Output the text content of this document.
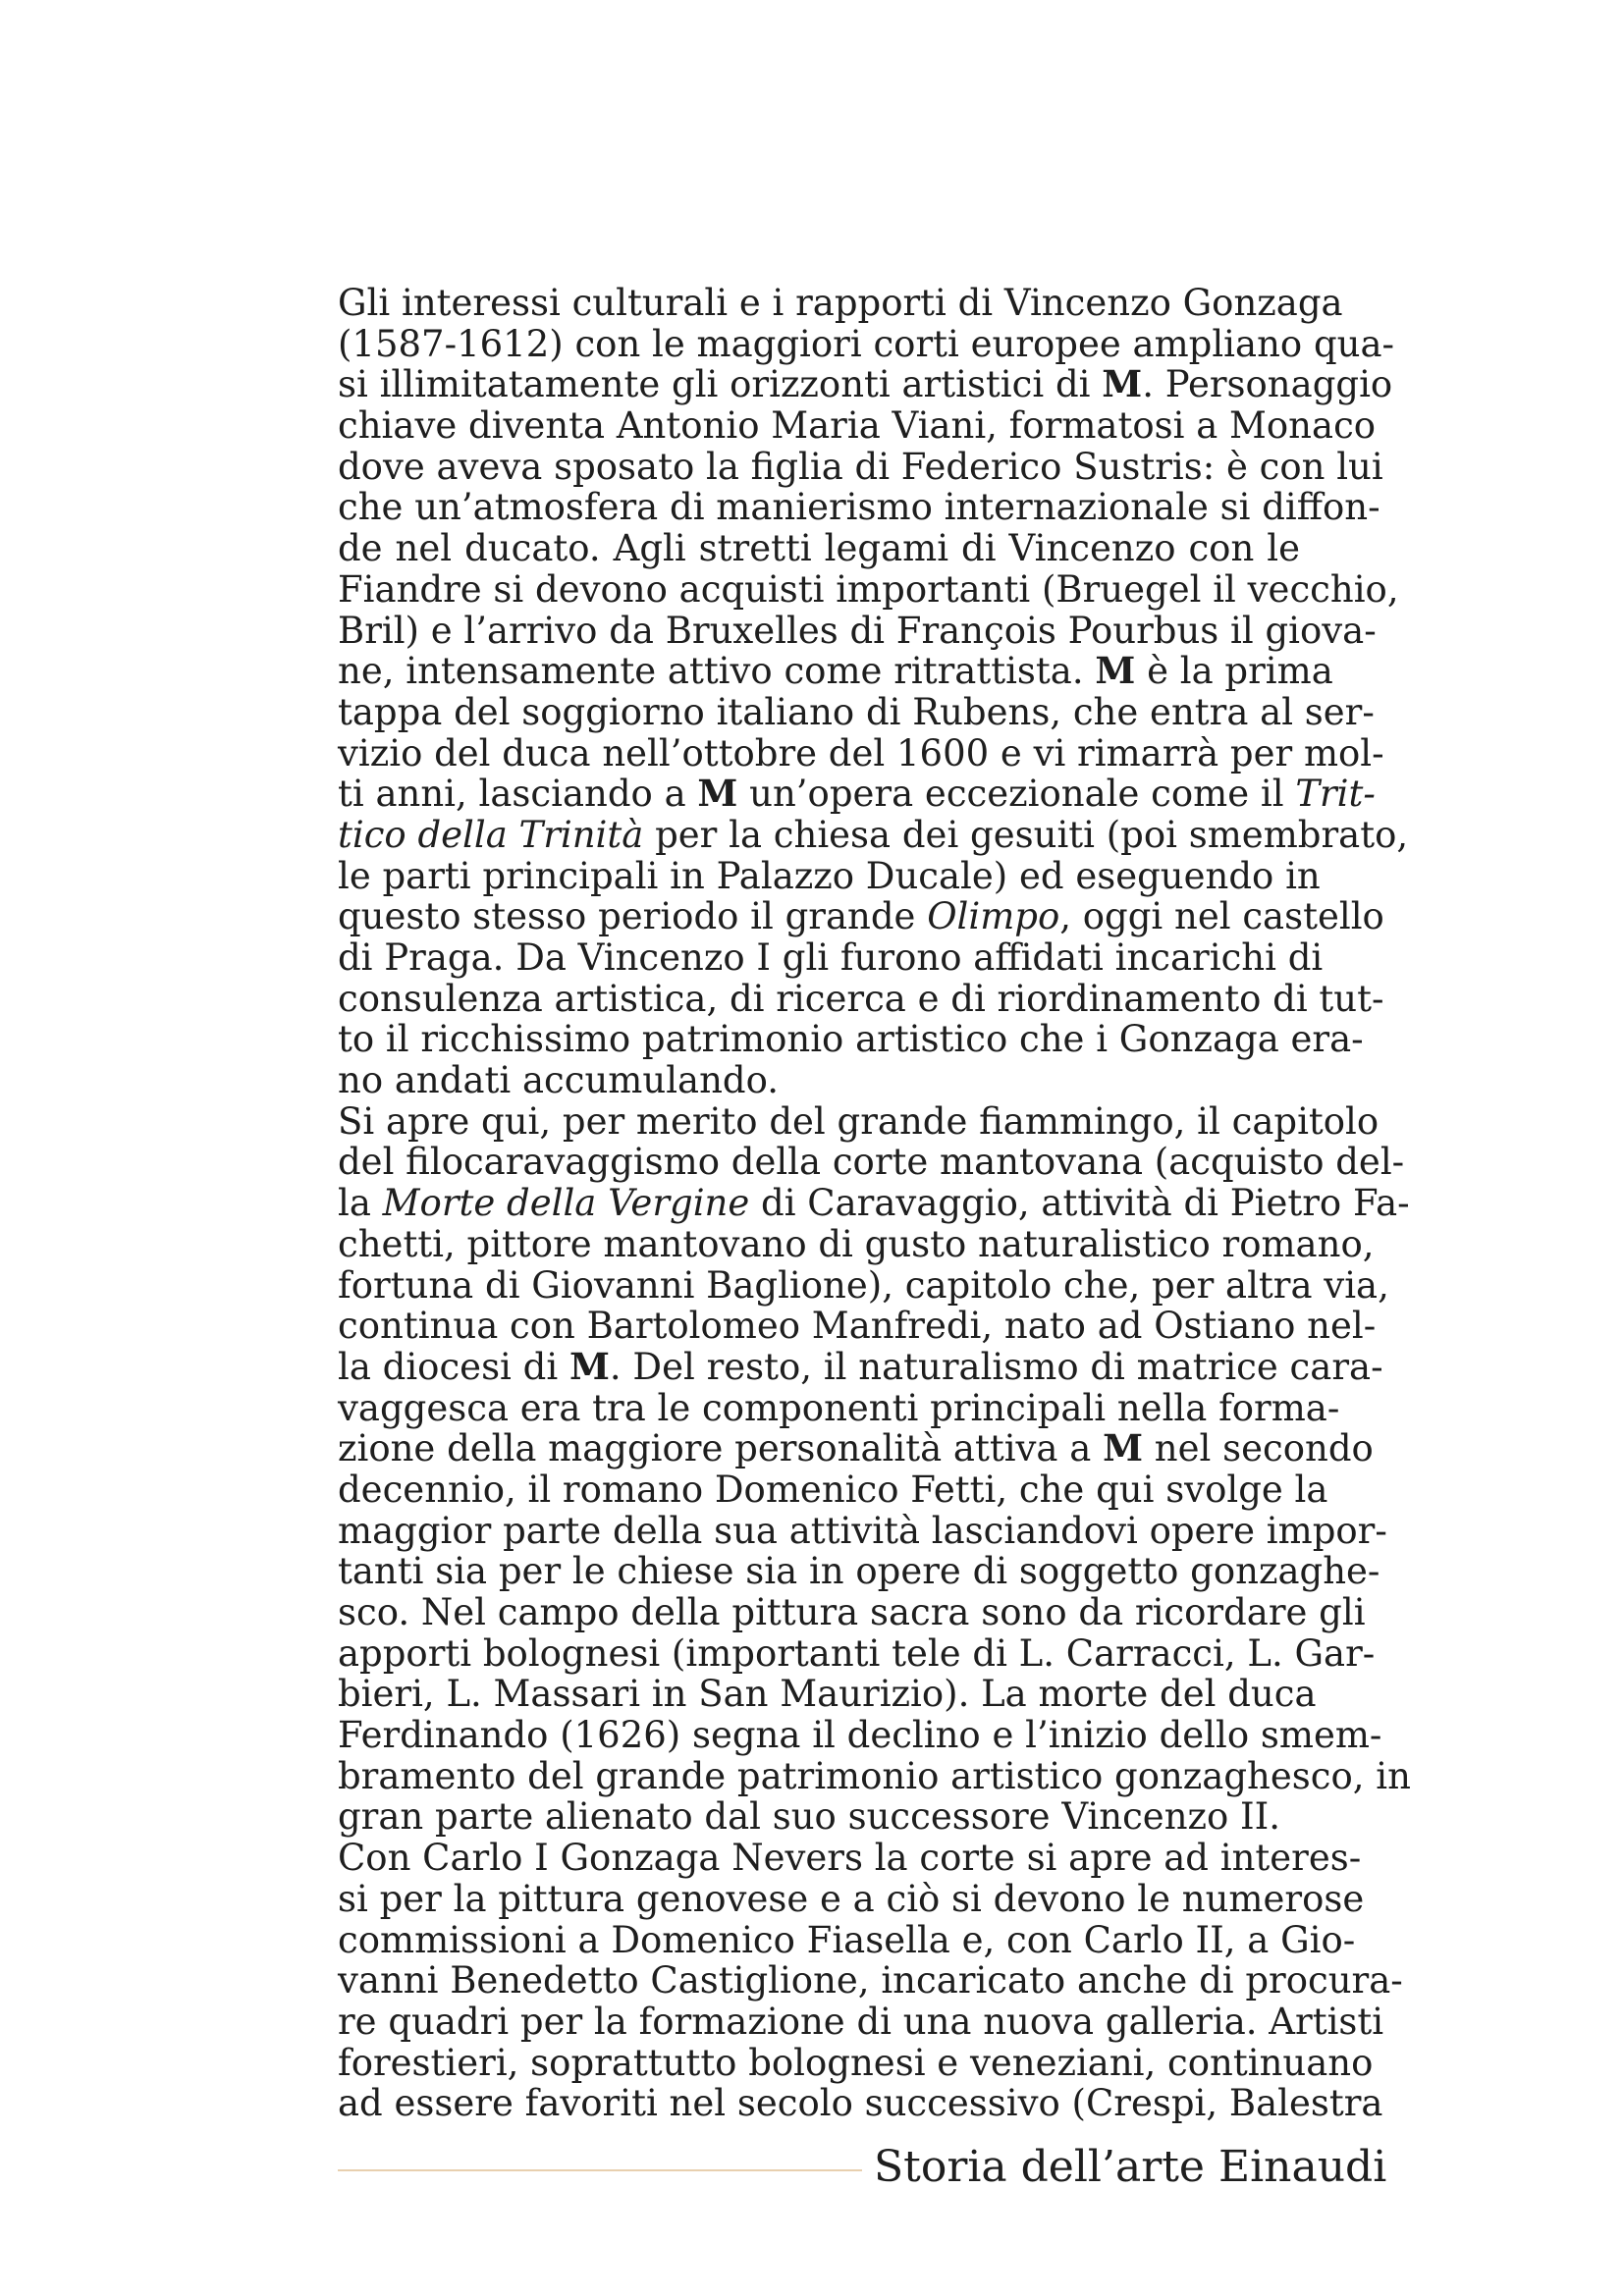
Gli interessi culturali e i rapporti di Vincenzo Gonzaga
(1587-1612) con le maggiori corti europee ampliano qua-
si illimitatamente gli orizzonti artistici di M. Personaggio
chiave diventa Antonio Maria Viani, formatosi a Monaco
dove aveva sposato la figlia di Federico Sustris: è con lui
che un’atmosfera di manierismo internazionale si diffon-
de nel ducato. Agli stretti legami di Vincenzo con le
Fiandre si devono acquisti importanti (Bruegel il vecchio,
Bril) e l’arrivo da Bruxelles di François Pourbus il giova-
ne, intensamente attivo come ritrattista. M è la prima
tappa del soggiorno italiano di Rubens, che entra al ser-
vizio del duca nell’ottobre del 1600 e vi rimarrà per mol-
ti anni, lasciando a M un’opera eccezionale come il Trit-
tico della Trinità per la chiesa dei gesuiti (poi smembrato,
le parti principali in Palazzo Ducale) ed eseguendo in
questo stesso periodo il grande Olimpo, oggi nel castello
di Praga. Da Vincenzo I gli furono affidati incarichi di
consulenza artistica, di ricerca e di riordinamento di tut-
to il ricchissimo patrimonio artistico che i Gonzaga era-
no andati accumulando.
Si apre qui, per merito del grande fiammingo, il capitolo
del filocaravaggismo della corte mantovana (acquisto del-
la Morte della Vergine di Caravaggio, attività di Pietro Fa-
chetti, pittore mantovano di gusto naturalistico romano,
fortuna di Giovanni Baglione), capitolo che, per altra via,
continua con Bartolomeo Manfredi, nato ad Ostiano nel-
la diocesi di M. Del resto, il naturalismo di matrice cara-
vaggesca era tra le componenti principali nella forma-
zione della maggiore personalità attiva a M nel secondo
decennio, il romano Domenico Fetti, che qui svolge la
maggior parte della sua attività lasciandovi opere impor-
tanti sia per le chiese sia in opere di soggetto gonzaghe-
sco. Nel campo della pittura sacra sono da ricordare gli
apporti bolognesi (importanti tele di L. Carracci, L. Gar-
bieri, L. Massari in San Maurizio). La morte del duca
Ferdinando (1626) segna il declino e l’inizio dello smem-
bramento del grande patrimonio artistico gonzaghesco, in
gran parte alienato dal suo successore Vincenzo II.
Con Carlo I Gonzaga Nevers la corte si apre ad interes-
si per la pittura genovese e a ciò si devono le numerose
commissioni a Domenico Fiasella e, con Carlo II, a Gio-
vanni Benedetto Castiglione, incaricato anche di procura-
re quadri per la formazione di una nuova galleria. Artisti
forestieri, soprattutto bolognesi e veneziani, continuano
ad essere favoriti nel secolo successivo (Crespi, Balestra
Storia dell’arte Einaudi
